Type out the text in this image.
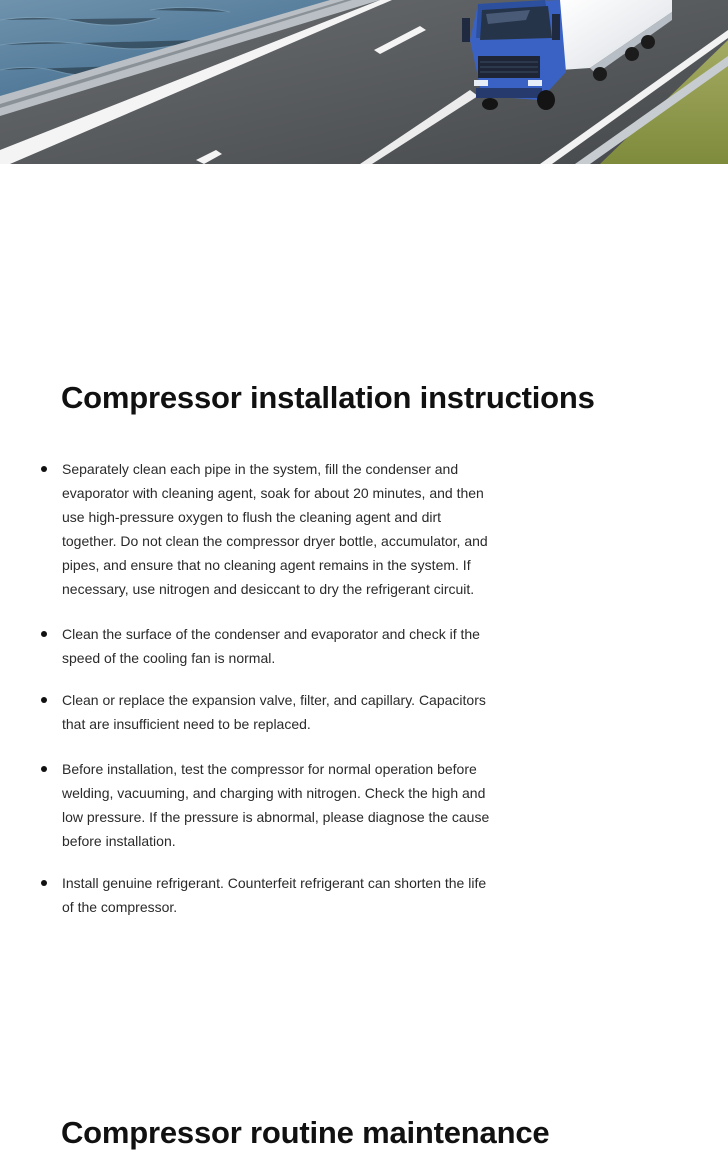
Compressor installation instructions
Separately clean each pipe in the system, fill the condenser and evaporator with cleaning agent, soak for about 20 minutes, and then use high-pressure oxygen to flush the cleaning agent and dirt together. Do not clean the compressor dryer bottle, accumulator, and pipes, and ensure that no cleaning agent remains in the system. If necessary, use nitrogen and desiccant to dry the refrigerant circuit.
Clean the surface of the condenser and evaporator and check if the speed of the cooling fan is normal.
Clean or replace the expansion valve, filter, and capillary. Capacitors that are insufficient need to be replaced.
Before installation, test the compressor for normal operation before welding, vacuuming, and charging with nitrogen. Check the high and low pressure. If the pressure is abnormal, please diagnose the cause before installation.
Install genuine refrigerant. Counterfeit refrigerant can shorten the life of the compressor.
Compressor routine maintenance
